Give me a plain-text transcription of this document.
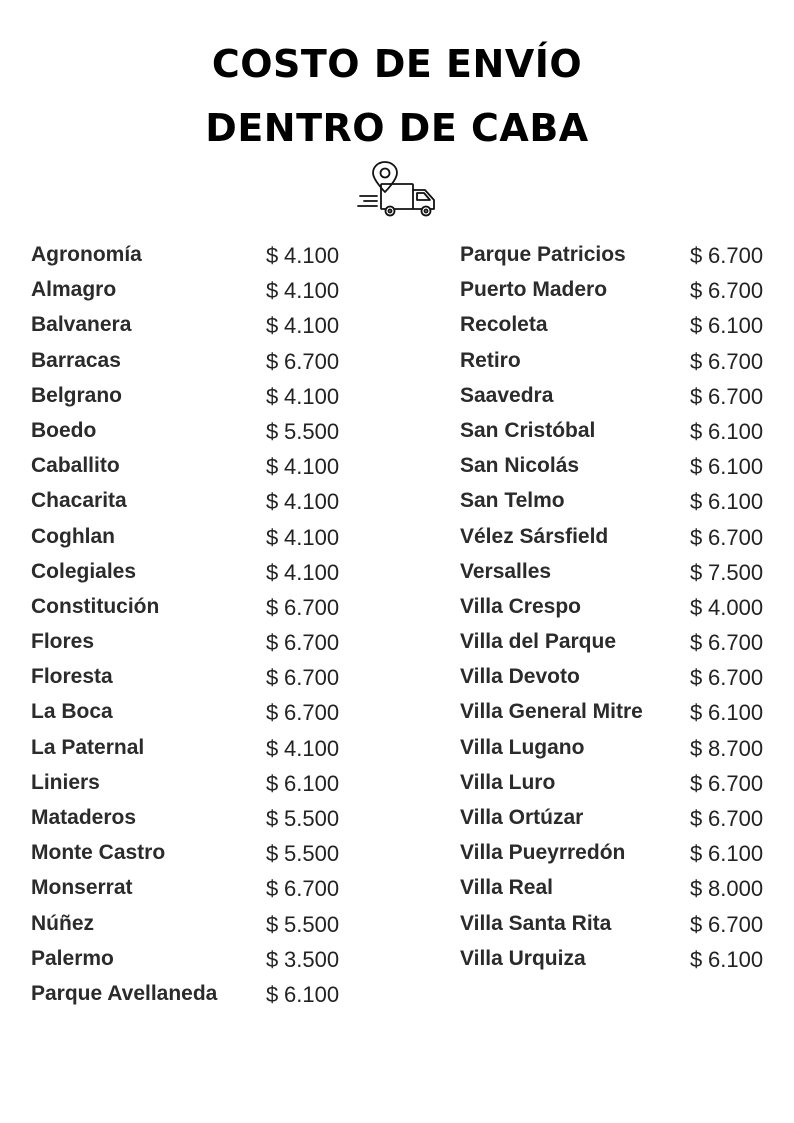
COSTO DE ENVÍO
DENTRO DE CABA
Agronomía	$ 4.100
Almagro	$ 4.100
Balvanera	$ 4.100
Barracas	$ 6.700
Belgrano	$ 4.100
Boedo	$ 5.500
Caballito	$ 4.100
Chacarita	$ 4.100
Coghlan	$ 4.100
Colegiales	$ 4.100
Constitución	$ 6.700
Flores	$ 6.700
Floresta	$ 6.700
La Boca	$ 6.700
La Paternal	$ 4.100
Liniers	$ 6.100
Mataderos	$ 5.500
Monte Castro	$ 5.500
Monserrat	$ 6.700
Núñez	$ 5.500
Palermo	$ 3.500
Parque Avellaneda $ 6.100
Parque Patricios	$ 6.700
Puerto Madero	$ 6.700
Recoleta	$ 6.100
Retiro	$ 6.700
Saavedra	$ 6.700
San Cristóbal	$ 6.100
San Nicolás	$ 6.100
San Telmo	$ 6.100
Vélez Sársfield	$ 6.700
Versalles	$ 7.500
Villa Crespo	$ 4.000
Villa del Parque	$ 6.700
Villa Devoto	$ 6.700
Villa General Mitre $ 6.100
Villa Lugano	$ 8.700
Villa Luro	$ 6.700
Villa Ortúzar	$ 6.700
Villa Pueyrredón	$ 6.100
Villa Real	$ 8.000
Villa Santa Rita	$ 6.700
Villa Urquiza	$ 6.100
